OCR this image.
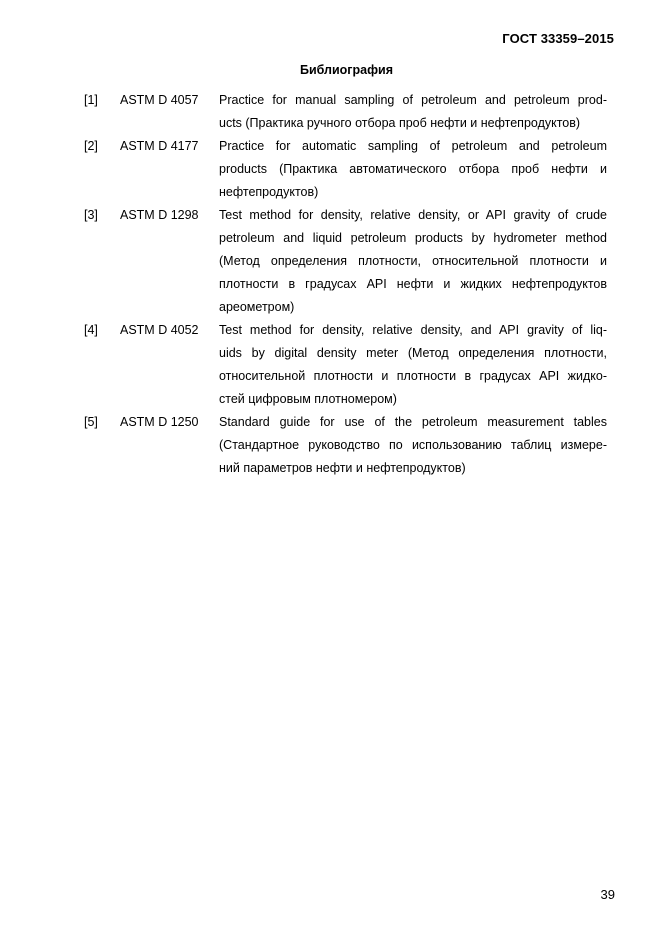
ГОСТ 33359–2015
Библиография
[1] ASTM D 4057 Practice for manual sampling of petroleum and petroleum prod-
ucts (Практика ручного отбора проб нефти и нефтепродуктов)
[2] ASTM D 4177 Practice for automatic sampling of petroleum and petroleum
products (Практика автоматического отбора проб нефти и
нефтепродуктов)
[3] ASTM D 1298 Test method for density, relative density, or API gravity of crude
petroleum and liquid petroleum products by hydrometer method
(Метод определения плотности, относительной плотности и
плотности в градусах API нефти и жидких нефтепродуктов
ареометром)
[4] ASTM D 4052 Test method for density, relative density, and API gravity of liq-
uids by digital density meter (Метод определения плотности,
относительной плотности и плотности в градусах API жидко-
стей цифровым плотномером)
[5] ASTM D 1250 Standard guide for use of the petroleum measurement tables
(Стандартное руководство по использованию таблиц измере-
ний параметров нефти и нефтепродуктов)
39
